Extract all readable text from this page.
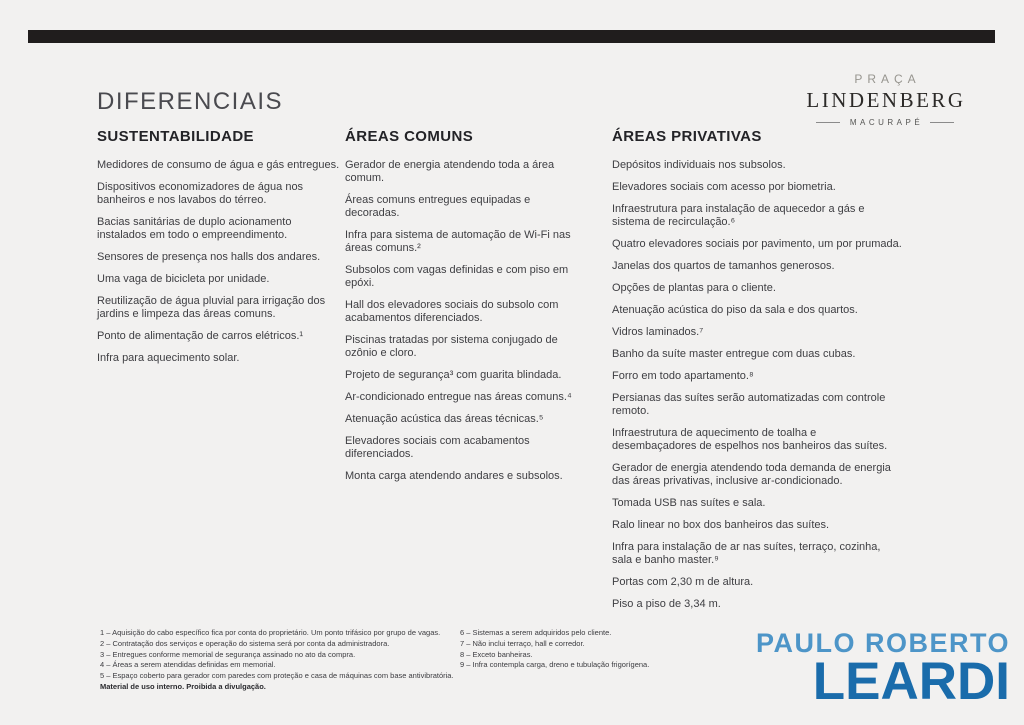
DIFERENCIAIS
PRAÇA
LINDENBERG
MACURAPÉ
SUSTENTABILIDADE

Medidores de consumo de água e gás entregues.

Dispositivos economizadores de água nos banheiros e nos lavabos do térreo.

Bacias sanitárias de duplo acionamento instalados em todo o empreendimento.

Sensores de presença nos halls dos andares.

Uma vaga de bicicleta por unidade.

Reutilização de água pluvial para irrigação dos jardins e limpeza das áreas comuns.

Ponto de alimentação de carros elétricos.¹

Infra para aquecimento solar.

ÁREAS COMUNS

Gerador de energia atendendo toda a área comum.

Áreas comuns entregues equipadas e decoradas.

Infra para sistema de automação de Wi-Fi nas áreas comuns.²

Subsolos com vagas definidas e com piso em epóxi.

Hall dos elevadores sociais do subsolo com acabamentos diferenciados.

Piscinas tratadas por sistema conjugado de ozônio e cloro.

Projeto de segurança³ com guarita blindada.

Ar-condicionado entregue nas áreas comuns.⁴

Atenuação acústica das áreas técnicas.⁵

Elevadores sociais com acabamentos diferenciados.

Monta carga atendendo andares e subsolos.

ÁREAS PRIVATIVAS

Depósitos individuais nos subsolos.

Elevadores sociais com acesso por biometria.

Infraestrutura para instalação de aquecedor a gás e sistema de recirculação.⁶

Quatro elevadores sociais por pavimento, um por prumada.

Janelas dos quartos de tamanhos generosos.

Opções de plantas para o cliente.

Atenuação acústica do piso da sala e dos quartos.

Vidros laminados.⁷

Banho da suíte master entregue com duas cubas.

Forro em todo apartamento.⁸

Persianas das suítes serão automatizadas com controle remoto.

Infraestrutura de aquecimento de toalha e desembaçadores de espelhos nos banheiros das suítes.

Gerador de energia atendendo toda demanda de energia das áreas privativas, inclusive ar-condicionado.

Tomada USB nas suítes e sala.

Ralo linear no box dos banheiros das suítes.

Infra para instalação de ar nas suítes, terraço, cozinha, sala e banho master.⁹

Portas com 2,30 m de altura.

Piso a piso de 3,34 m.

1 – Aquisição do cabo específico fica por conta do proprietário. Um ponto trifásico por grupo de vagas.

2 – Contratação dos serviços e operação do sistema será por conta da administradora.

3 – Entregues conforme memorial de segurança assinado no ato da compra.

4 – Áreas a serem atendidas definidas em memorial.

5 – Espaço coberto para gerador com paredes com proteção e casa de máquinas com base antivibratória.

Material de uso interno. Proibida a divulgação.

6 – Sistemas a serem adquiridos pelo cliente.

7 – Não inclui terraço, hall e corredor.

8 – Exceto banheiras.

9 – Infra contempla carga, dreno e tubulação frigorígena.

PAULO ROBERTO
LEARDI
